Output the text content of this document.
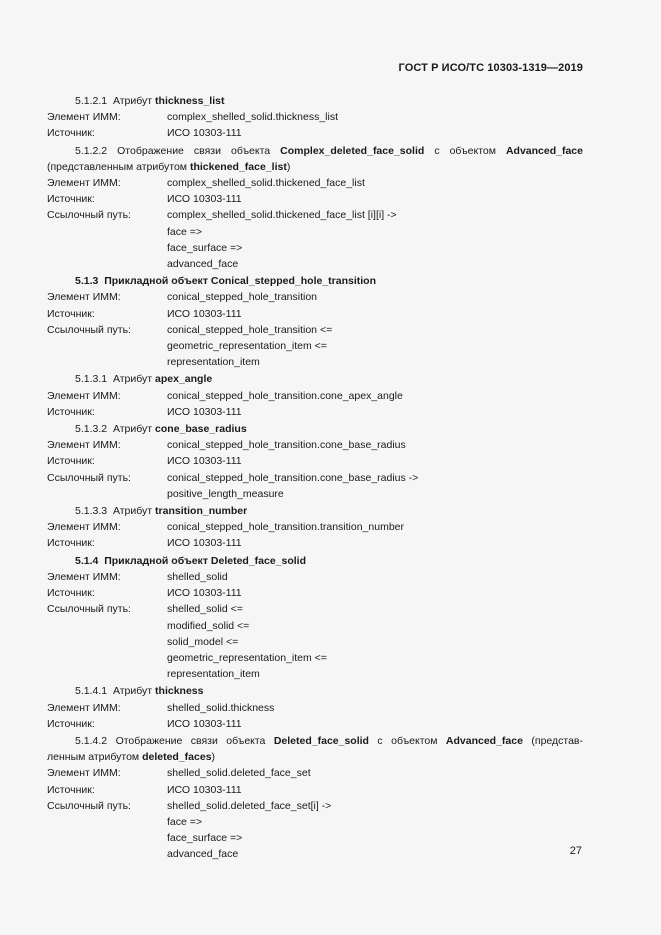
ГОСТ Р ИСО/ТС 10303-1319—2019
5.1.2.1 Атрибут thickness_list
Элемент ИММ:	complex_shelled_solid.thickness_list
Источник:	ИСО 10303-111
5.1.2.2 Отображение связи объекта Complex_deleted_face_solid с объектом Advanced_face
(представленным атрибутом thickened_face_list)
Элемент ИММ:	complex_shelled_solid.thickened_face_list
Источник:	ИСО 10303-111
Ссылочный путь:	complex_shelled_solid.thickened_face_list [i][i] ->
face =>
face_surface =>
advanced_face
5.1.3 Прикладной объект Conical_stepped_hole_transition
Элемент ИММ:	conical_stepped_hole_transition
Источник:	ИСО 10303-111
Ссылочный путь:	conical_stepped_hole_transition <=
geometric_representation_item <=
representation_item
5.1.3.1 Атрибут apex_angle
Элемент ИММ:	conical_stepped_hole_transition.cone_apex_angle
Источник:	ИСО 10303-111
5.1.3.2 Атрибут cone_base_radius
Элемент ИММ:	conical_stepped_hole_transition.cone_base_radius
Источник:	ИСО 10303-111
Ссылочный путь:	conical_stepped_hole_transition.cone_base_radius ->
positive_length_measure
5.1.3.3 Атрибут transition_number
Элемент ИММ:	conical_stepped_hole_transition.transition_number
Источник:	ИСО 10303-111
5.1.4 Прикладной объект Deleted_face_solid
Элемент ИММ:	shelled_solid
Источник:	ИСО 10303-111
Ссылочный путь:	shelled_solid <=
modified_solid <=
solid_model <=
geometric_representation_item <=
representation_item
5.1.4.1 Атрибут thickness
Элемент ИММ:	shelled_solid.thickness
Источник:	ИСО 10303-111
5.1.4.2 Отображение связи объекта Deleted_face_solid с объектом Advanced_face (представ-
ленным атрибутом deleted_faces)
Элемент ИММ:	shelled_solid.deleted_face_set
Источник:	ИСО 10303-111
Ссылочный путь:	shelled_solid.deleted_face_set[i] ->
face =>
face_surface =>
advanced_face	27
